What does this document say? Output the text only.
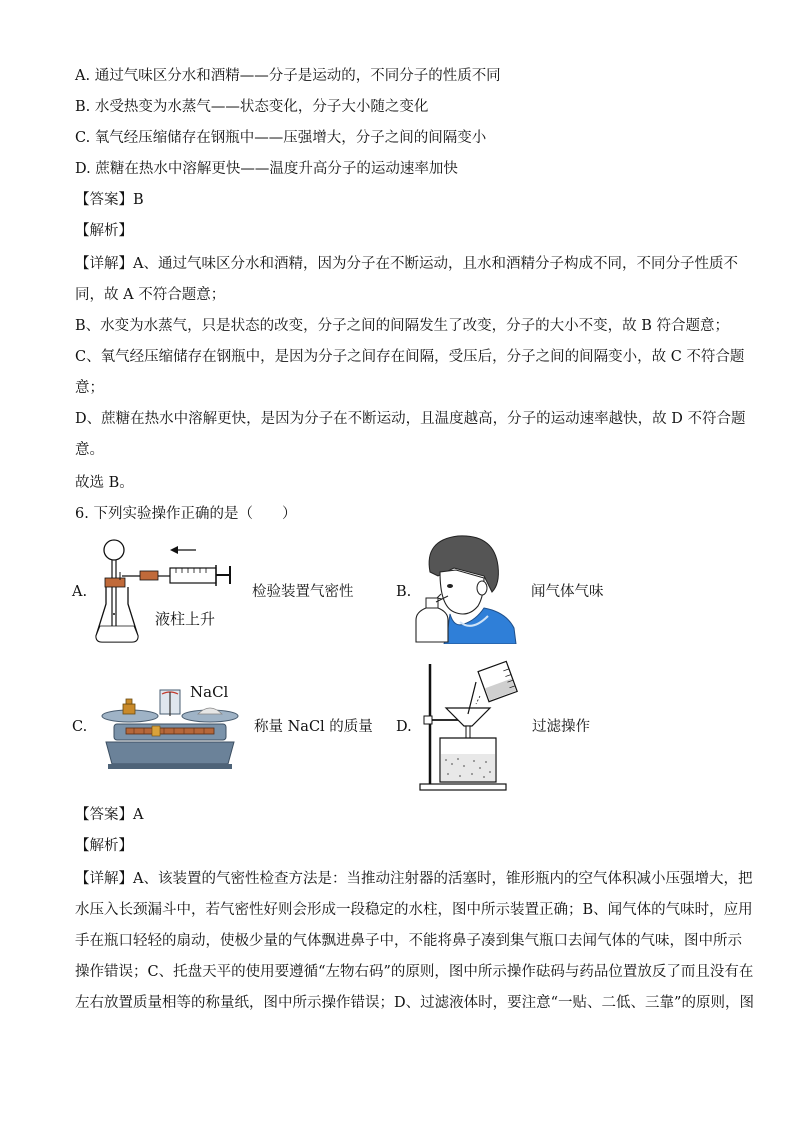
A. 通过气味区分水和酒精——分子是运动的，不同分子的性质不同
B. 水受热变为水蒸气——状态变化，分子大小随之变化
C. 氧气经压缩储存在钢瓶中——压强增大，分子之间的间隔变小
D. 蔗糖在热水中溶解更快——温度升高分子的运动速率加快
【答案】B
【解析】
【详解】A、通过气味区分水和酒精，因为分子在不断运动，且水和酒精分子构成不同，不同分子性质不
同，故 A 不符合题意；
B、水变为水蒸气，只是状态的改变，分子之间的间隔发生了改变，分子的大小不变，故 B 符合题意；
C、氧气经压缩储存在钢瓶中，是因为分子之间存在间隔，受压后，分子之间的间隔变小，故 C 不符合题
意；
D、蔗糖在热水中溶解更快，是因为分子在不断运动，且温度越高，分子的运动速率越快，故 D 不符合题
意。
故选 B。
6. 下列实验操作正确的是（　　）
A.
液柱上升
检验装置气密性	B.	闻气体气味
C.
NaCl
称量 NaCl 的质量 D.	过滤操作
【答案】A
【解析】
【详解】A、该装置的气密性检查方法是：当推动注射器的活塞时，锥形瓶内的空气体积减小压强增大，把
水压入长颈漏斗中，若气密性好则会形成一段稳定的水柱，图中所示装置正确；B、闻气体的气味时，应用
手在瓶口轻轻的扇动，使极少量的气体飘进鼻子中，不能将鼻子凑到集气瓶口去闻气体的气味，图中所示
操作错误；C、托盘天平的使用要遵循“左物右码”的原则，图中所示操作砝码与药品位置放反了而且没有在
左右放置质量相等的称量纸，图中所示操作错误；D、过滤液体时，要注意“一贴、二低、三靠”的原则，图
